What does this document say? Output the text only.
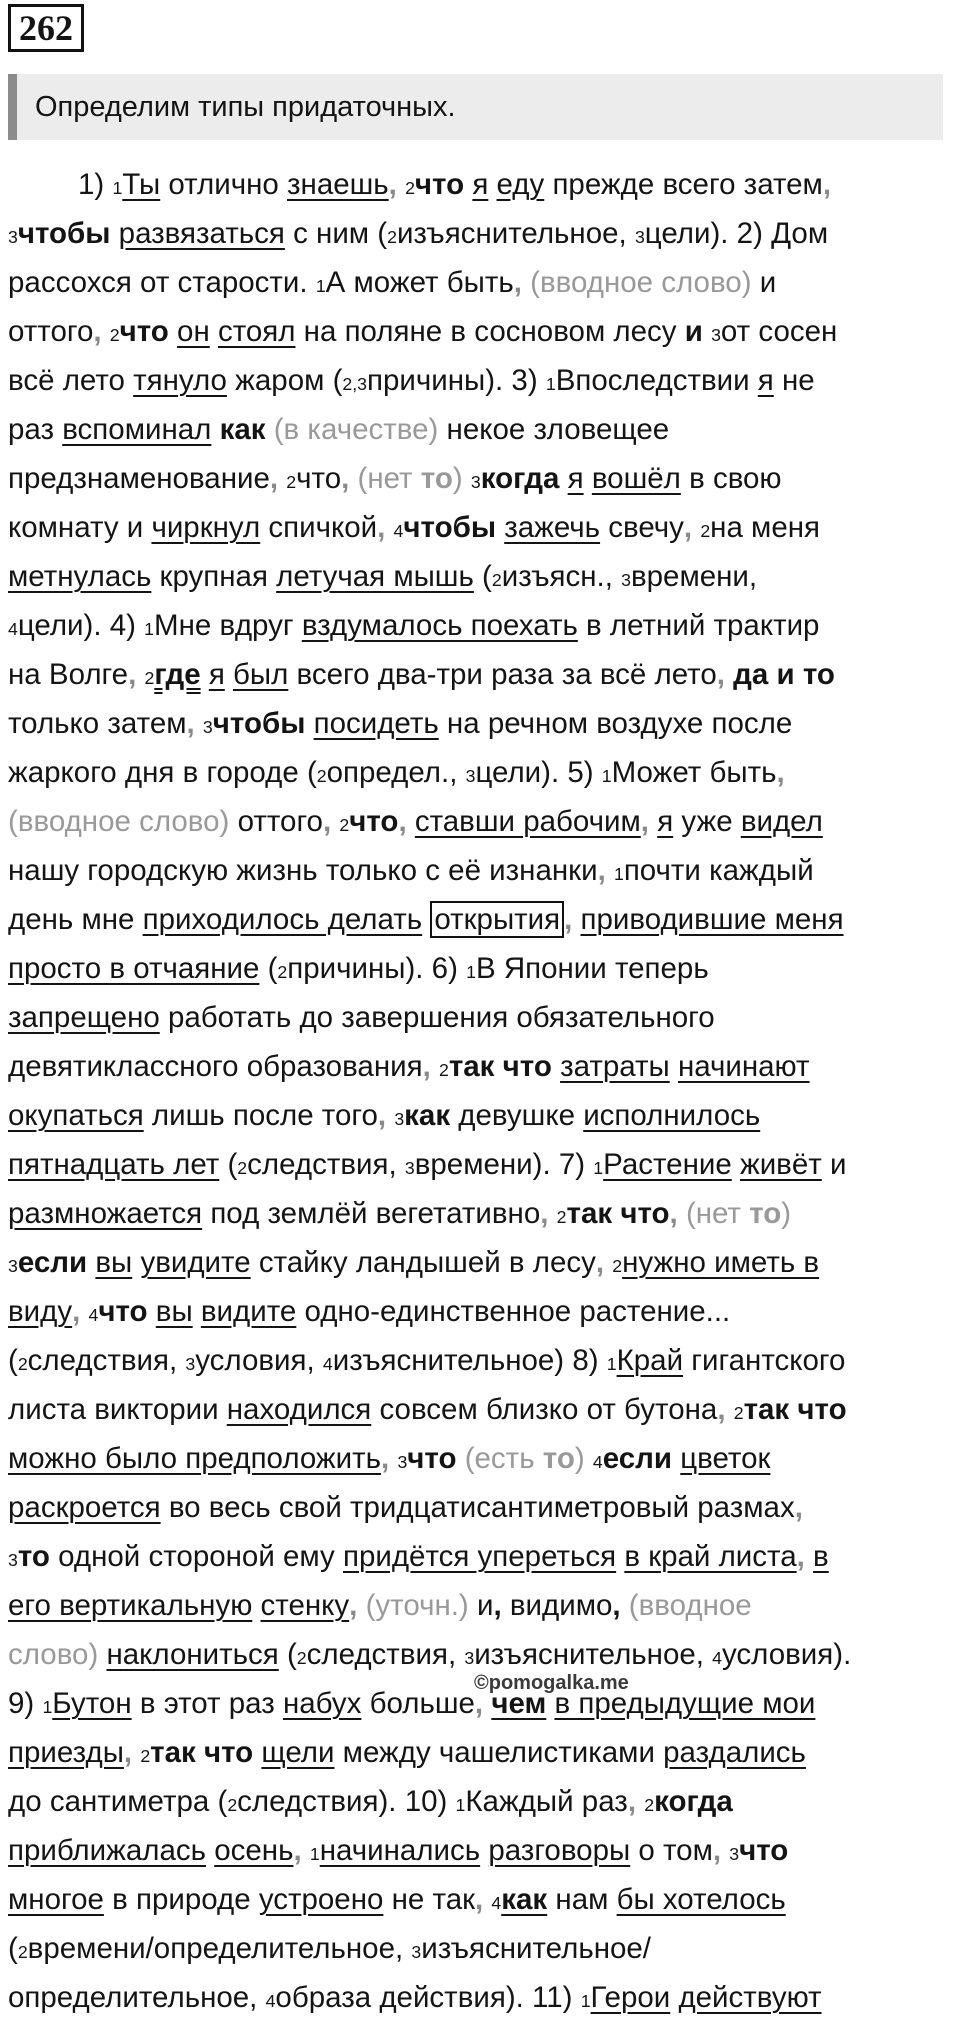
262
Определим типы придаточных.
1) $^1$Ты отлично знаешь, $^2$что я еду прежде всего затем,
$^3$чтобы развязаться с ним ($^2$изъяснительное, $^3$цели). 2) Дом
рассохся от старости. $^1$А может быть, (вводное слово) и
оттого, $^2$что он стоял на поляне в сосновом лесу и $^3$от сосен
всё лето тянуло жаром ($^{2,3}$причины). 3) $^1$Впоследствии я не
раз вспоминал как (в качестве) некое зловещее
предзнаменование, $^2$что, (нет то) $^3$когда я вошёл в свою
комнату и чиркнул спичкой, $^4$чтобы зажечь свечу, $^2$на меня
метнулась крупная летучая мышь ($^2$изъясн., $^3$времени,
$^4$цели). 4) $^1$Мне вдруг вздумалось поехать в летний трактир
на Волге, $^2$где я был всего два-три раза за всё лето, да и то
только затем, $^3$чтобы посидеть на речном воздухе после
жаркого дня в городе ($^2$определ., $^3$цели). 5) $^1$Может быть,
(вводное слово) оттого, $^2$что, ставши рабочим, я уже видел
нашу городскую жизнь только с её изнанки, $^1$почти каждый
день мне приходилось делать открытия , приводившие меня
просто в отчаяние ($^2$причины). 6) $^1$В Японии теперь
запрещено работать до завершения обязательного
девятиклассного образования, $^2$так что затраты начинают
окупаться лишь после того, $^3$как девушке исполнилось
пятнадцать лет ($^2$следствия, $^3$времени). 7) $^1$Растение живёт и
размножается под землёй вегетативно, $^2$так что, (нет то)
$^3$если вы увидите стайку ландышей в лесу, $^2$нужно иметь в
виду, $^4$что вы видите одно-единственное растение...
($^2$следствия, $^3$условия, $^4$изъяснительное) 8) $^1$Край гигантского
листа виктории находился совсем близко от бутона, $^2$так что
можно было предположить, $^3$что (есть то) $^4$если цветок
раскроется во весь свой тридцатисантиметровый размах,
$^3$то одной стороной ему придётся упереться в край листа, в
его вертикальную стенку, (уточн.) и, видимо, (вводное
слово) наклониться ($^2$следствия, $^3$изъяснительное, $^4$условия).
9) $^1$Бутон в этот раз набух больше, чем в предыдущие мои
приезды, $^2$так что щели между чашелистиками раздались
до сантиметра ($^2$следствия). 10) $^1$Каждый раз, $^2$когда
приближалась осень, $^1$начинались разговоры о том, $^3$что
многое в природе устроено не так, $^4$как нам бы хотелось
($^2$времени/определительное, $^3$изъяснительное/
определительное, $^4$образа действия). 11) $^1$Герои действуют
©pomogalka.me
